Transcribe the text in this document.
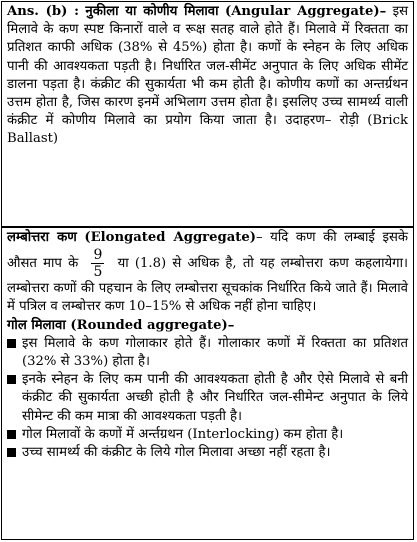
Ans. (b) : नुकीला या कोणीय मिलावा (Angular Aggregate)– इस मिलावे के कण स्पष्ट किनारों वाले व रूक्ष सतह वाले होते हैं। मिलावे में रिक्तता का प्रतिशत काफी अधिक (38% से 45%) होता है। कणों के स्नेहन के लिए अधिक पानी की आवश्यकता पड़ती है। निर्धारित जल-सीमेंट अनुपात के लिए अधिक सीमेंट डालना पड़ता है। कंक्रीट की सुकार्यता भी कम होती है। कोणीय कणों का अन्तर्ग्रथन उत्तम होता है, जिस कारण इनमें अभिलाग उत्तम होता है। इसलिए उच्च सामर्थ्य वाली कंक्रीट में कोणीय मिलावे का प्रयोग किया जाता है। उदाहरण– रोड़ी (Brick Ballast)
लम्बोत्तरा कण (Elongated Aggregate)– यदि कण की लम्बाई इसके औसत माप के $\frac{9}{5}$ या (1.8) से अधिक है, तो यह लम्बोत्तरा कण कहलायेगा। लम्बोत्तरा कणों की पहचान के लिए लम्बोत्तरा सूचकांक निर्धारित किये जाते हैं। मिलावे में पत्रिल व लम्बोत्तर कण 10–15% से अधिक नहीं होना चाहिए।
गोल मिलावा (Rounded aggregate)–
इस मिलावे के कण गोलाकार होते हैं। गोलाकार कणों में रिक्तता का प्रतिशत (32% से 33%) होता है।
इनके स्नेहन के लिए कम पानी की आवश्यकता होती है और ऐसे मिलावे से बनी कंक्रीट की सुकार्यता अच्छी होती है और निर्धारित जल-सीमेन्ट अनुपात के लिये सीमेन्ट की कम मात्रा की आवश्यकता पड़ती है।
गोल मिलावों के कणों में अर्न्तग्रथन (Interlocking) कम होता है।
उच्च सामर्थ्य की कंक्रीट के लिये गोल मिलावा अच्छा नहीं रहता है।
